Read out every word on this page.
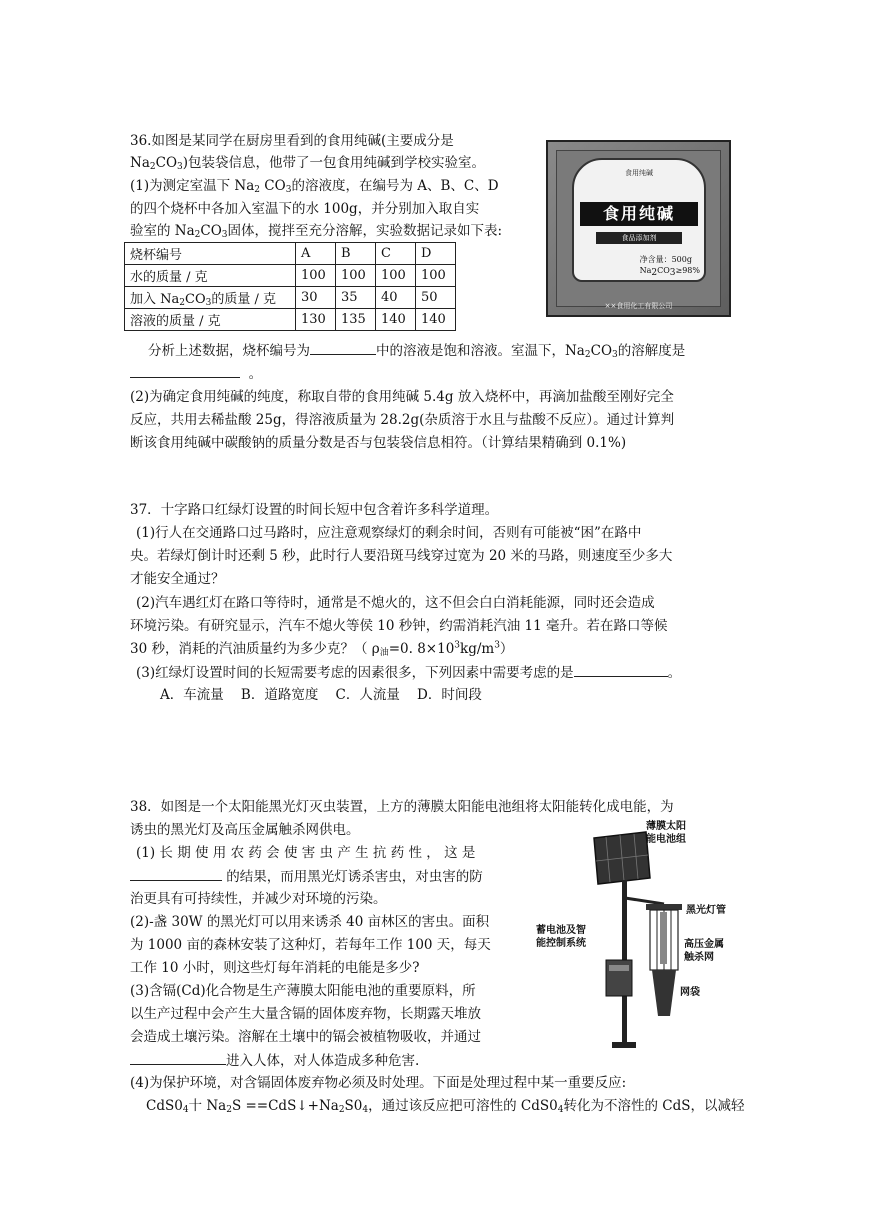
36.如图是某同学在厨房里看到的食用纯碱(主要成分是
$Na_2CO_3$)包装袋信息，他带了一包食用纯碱到学校实验室。
(1)为测定室温下 $Na_2$ $CO_3$的溶液度，在编号为 A、B、C、D
的四个烧杯中各加入室温下的水 100g，并分别加入取自实
验室的 $Na_2CO_3$固体，搅拌至充分溶解，实验数据记录如下表:
烧杯编号	A	B	C	D
水的质量 / 克	100	100	100	100
加入 $Na_2CO_3$的质量 / 克	30	35	40	50
溶液的质量 / 克	130	135	140	140
食用纯碱
食用纯碱
食品添加剂
净含量：500g
$Na_2CO_3\ge 98\%$
××食用化工有限公司
分析上述数据，烧杯编号为	中的溶液是饱和溶液。室温下，$Na_2CO_3$的溶解度是
。
(2)为确定食用纯碱的纯度，称取自带的食用纯碱 5.4g 放入烧杯中，再滴加盐酸至刚好完全
反应，共用去稀盐酸 25g，得溶液质量为 28.2g(杂质溶于水且与盐酸不反应）。通过计算判
断该食用纯碱中碳酸钠的质量分数是否与包装袋信息相符。（计算结果精确到 0.1%)
37．十字路口红绿灯设置的时间长短中包含着许多科学道理。
(1)行人在交通路口过马路时，应注意观察绿灯的剩余时间，否则有可能被“困”在路中
央。若绿灯倒计时还剩 5 秒，此时行人要沿斑马线穿过宽为 20 米的马路，则速度至少多大
才能安全通过？
(2)汽车遇红灯在路口等待时，通常是不熄火的，这不但会白白消耗能源，同时还会造成
环境污染。有研究显示，汽车不熄火等侯 10 秒钟，约需消耗汽油 11 毫升。若在路口等候
30 秒，消耗的汽油质量约为多少克？（ $\rho_油=0$. $8\times 10^3kg/m^3$）
(3)红绿灯设置时间的长短需要考虑的因素很多，下列因素中需要考虑的是	。
A．车流量 B．道路宽度 C．人流量 D．时间段
38．如图是一个太阳能黑光灯灭虫装置，上方的薄膜太阳能电池组将太阳能转化成电能，为
诱虫的黑光灯及高压金属触杀网供电。
(1) 长 期 使 用 农 药 会 使 害 虫 产 生 抗 药 性 ， 这 是
的结果，而用黑光灯诱杀害虫，对虫害的防
治更具有可持续性，并减少对环境的污染。
(2)-盏 30W 的黑光灯可以用来诱杀 40 亩林区的害虫。面积
为 1000 亩的森林安装了这种灯，若每年工作 100 天，每天
工作 10 小时，则这些灯每年消耗的电能是多少?
(3)含镉(Cd)化合物是生产薄膜太阳能电池的重要原料，所
以生产过程中会产生大量含镉的固体废弃物，长期露天堆放
会造成土壤污染。溶解在土壤中的镉会被植物吸收，并通过
进入人体，对人体造成多种危害.
(4)为保护环境，对含镉固体废弃物必须及时处理。下面是处理过程中某一重要反应:
$CdS0_4$十 $Na_2S$ $==CdS↓+Na_2S0_4$，通过该反应把可溶性的 $CdS0_4$转化为不溶性的 CdS，以减轻
薄膜太阳
能电池组
黑光灯管
蓄电池及智
能控制系统	高压金属
触杀网
网袋
